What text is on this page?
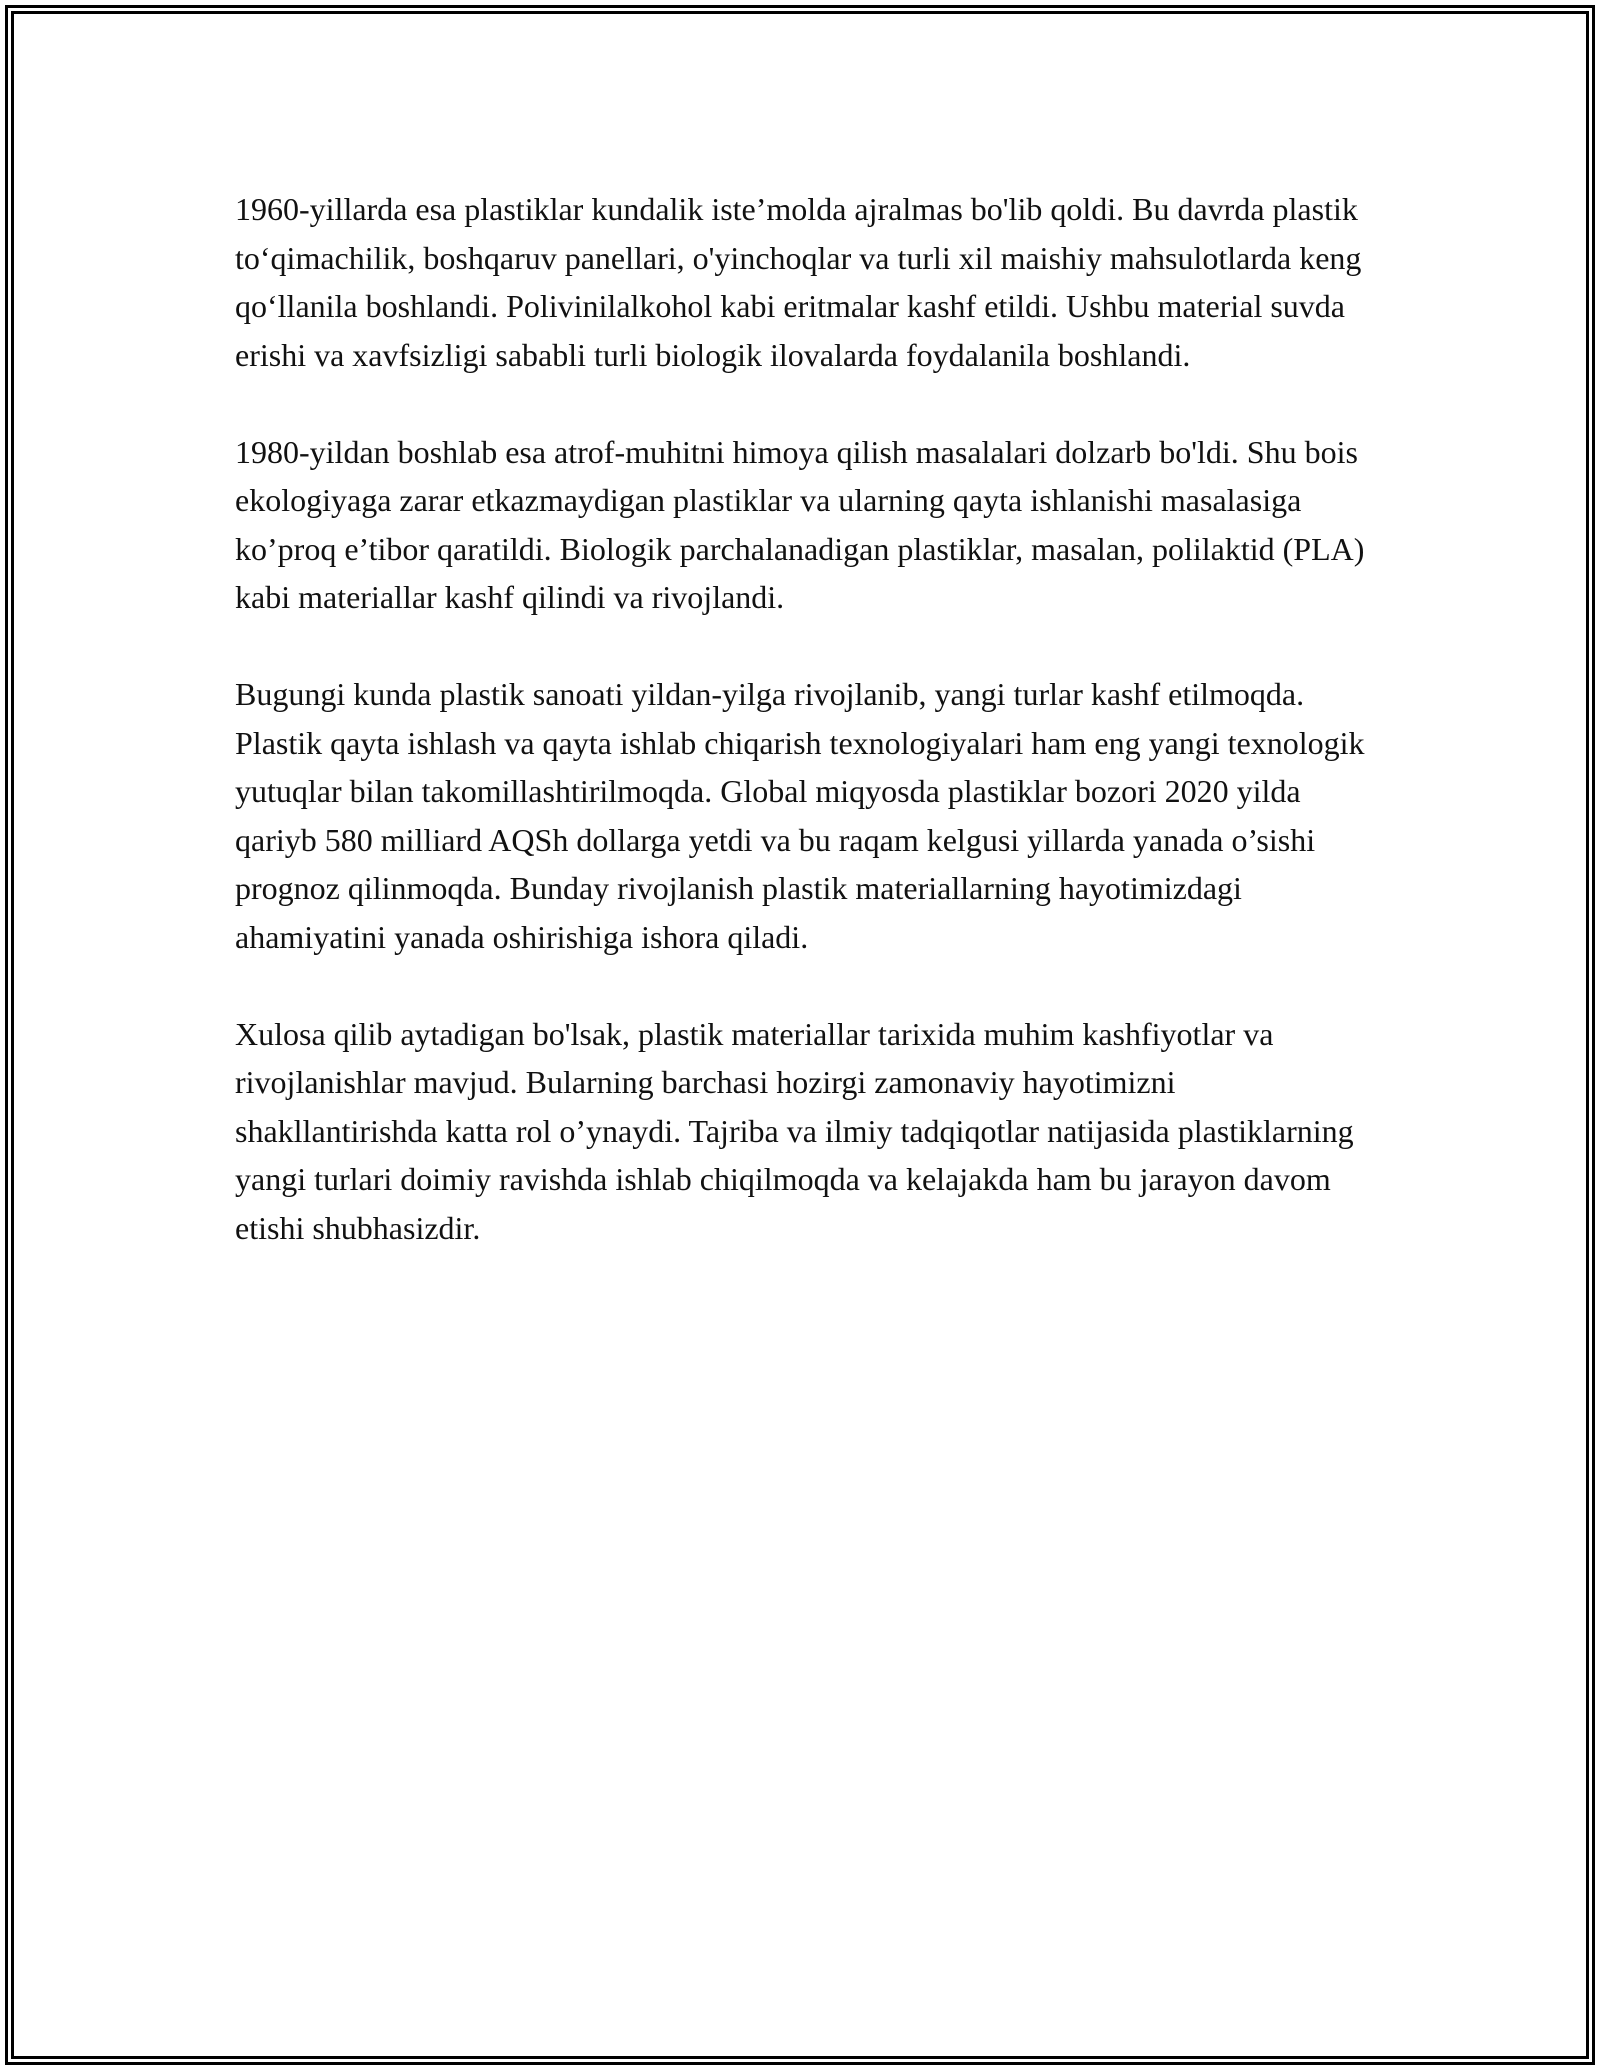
1960-yillarda esa plastiklar kundalik iste’molda ajralmas bo'lib qoldi. Bu davrda plastik to‘qimachilik, boshqaruv panellari, o'yinchoqlar va turli xil maishiy mahsulotlarda keng qo‘llanila boshlandi. Polivinilalkohol kabi eritmalar kashf etildi. Ushbu material suvda erishi va xavfsizligi sababli turli biologik ilovalarda foydalanila boshlandi.

1980-yildan boshlab esa atrof-muhitni himoya qilish masalalari dolzarb bo'ldi. Shu bois ekologiyaga zarar etkazmaydigan plastiklar va ularning qayta ishlanishi masalasiga ko’proq e’tibor qaratildi. Biologik parchalanadigan plastiklar, masalan, polilaktid (PLA) kabi materiallar kashf qilindi va rivojlandi.

Bugungi kunda plastik sanoati yildan-yilga rivojlanib, yangi turlar kashf etilmoqda. Plastik qayta ishlash va qayta ishlab chiqarish texnologiyalari ham eng yangi texnologik yutuqlar bilan takomillashtirilmoqda. Global miqyosda plastiklar bozori 2020 yilda qariyb 580 milliard AQSh dollarga yetdi va bu raqam kelgusi yillarda yanada o’sishi prognoz qilinmoqda. Bunday rivojlanish plastik materiallarning hayotimizdagi ahamiyatini yanada oshirishiga ishora qiladi.

Xulosa qilib aytadigan bo'lsak, plastik materiallar tarixida muhim kashfiyotlar va rivojlanishlar mavjud. Bularning barchasi hozirgi zamonaviy hayotimizni shakllantirishda katta rol o’ynaydi. Tajriba va ilmiy tadqiqotlar natijasida plastiklarning yangi turlari doimiy ravishda ishlab chiqilmoqda va kelajakda ham bu jarayon davom etishi shubhasizdir.
